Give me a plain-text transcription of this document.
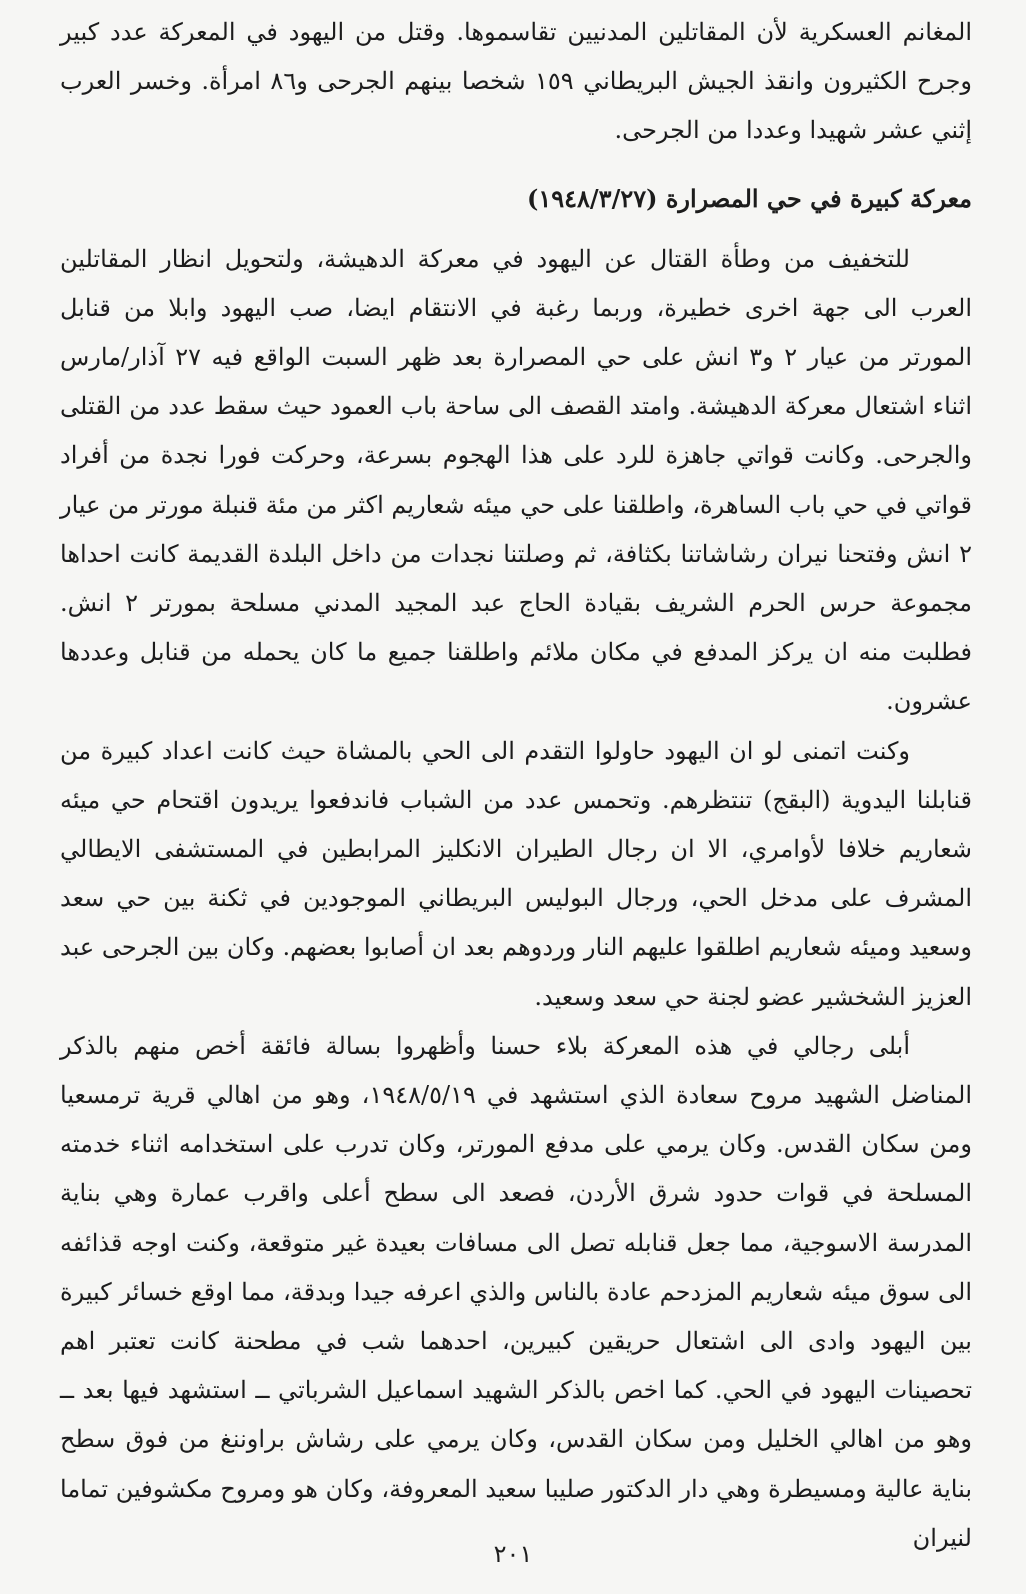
المغانم العسكرية لأن المقاتلين المدنيين تقاسموها. وقتل من اليهود في المعركة عدد كبير وجرح الكثيرون وانقذ الجيش البريطاني ١٥٩ شخصا بينهم الجرحى و٨٦ امرأة. وخسر العرب إثني عشر شهيدا وعددا من الجرحى.

معركة كبيرة في حي المصرارة (١٩٤٨/٣/٢٧)

للتخفيف من وطأة القتال عن اليهود في معركة الدهيشة، ولتحويل انظار المقاتلين العرب الى جهة اخرى خطيرة، وربما رغبة في الانتقام ايضا، صب اليهود وابلا من قنابل المورتر من عيار ٢ و٣ انش على حي المصرارة بعد ظهر السبت الواقع فيه ٢٧ آذار/مارس اثناء اشتعال معركة الدهيشة. وامتد القصف الى ساحة باب العمود حيث سقط عدد من القتلى والجرحى. وكانت قواتي جاهزة للرد على هذا الهجوم بسرعة، وحركت فورا نجدة من أفراد قواتي في حي باب الساهرة، واطلقنا على حي ميئه شعاريم اكثر من مئة قنبلة مورتر من عيار ٢ انش وفتحنا نيران رشاشاتنا بكثافة، ثم وصلتنا نجدات من داخل البلدة القديمة كانت احداها مجموعة حرس الحرم الشريف بقيادة الحاج عبد المجيد المدني مسلحة بمورتر ٢ انش. فطلبت منه ان يركز المدفع في مكان ملائم واطلقنا جميع ما كان يحمله من قنابل وعددها عشرون.

وكنت اتمنى لو ان اليهود حاولوا التقدم الى الحي بالمشاة حيث كانت اعداد كبيرة من قنابلنا اليدوية (البقج) تنتظرهم. وتحمس عدد من الشباب فاندفعوا يريدون اقتحام حي ميئه شعاريم خلافا لأوامري، الا ان رجال الطيران الانكليز المرابطين في المستشفى الايطالي المشرف على مدخل الحي، ورجال البوليس البريطاني الموجودين في ثكنة بين حي سعد وسعيد وميئه شعاريم اطلقوا عليهم النار وردوهم بعد ان أصابوا بعضهم. وكان بين الجرحى عبد العزيز الشخشير عضو لجنة حي سعد وسعيد.

أبلى رجالي في هذه المعركة بلاء حسنا وأظهروا بسالة فائقة أخص منهم بالذكر المناضل الشهيد مروح سعادة الذي استشهد في ١٩٤٨/٥/١٩، وهو من اهالي قرية ترمسعيا ومن سكان القدس. وكان يرمي على مدفع المورتر، وكان تدرب على استخدامه اثناء خدمته المسلحة في قوات حدود شرق الأردن، فصعد الى سطح أعلى واقرب عمارة وهي بناية المدرسة الاسوجية، مما جعل قنابله تصل الى مسافات بعيدة غير متوقعة، وكنت اوجه قذائفه الى سوق ميئه شعاريم المزدحم عادة بالناس والذي اعرفه جيدا وبدقة، مما اوقع خسائر كبيرة بين اليهود وادى الى اشتعال حريقين كبيرين، احدهما شب في مطحنة كانت تعتبر اهم تحصينات اليهود في الحي. كما اخص بالذكر الشهيد اسماعيل الشرباتي ــ استشهد فيها بعد ــ وهو من اهالي الخليل ومن سكان القدس، وكان يرمي على رشاش براوننغ من فوق سطح بناية عالية ومسيطرة وهي دار الدكتور صليبا سعيد المعروفة، وكان هو ومروح مكشوفين تماما لنيران

٢٠١
